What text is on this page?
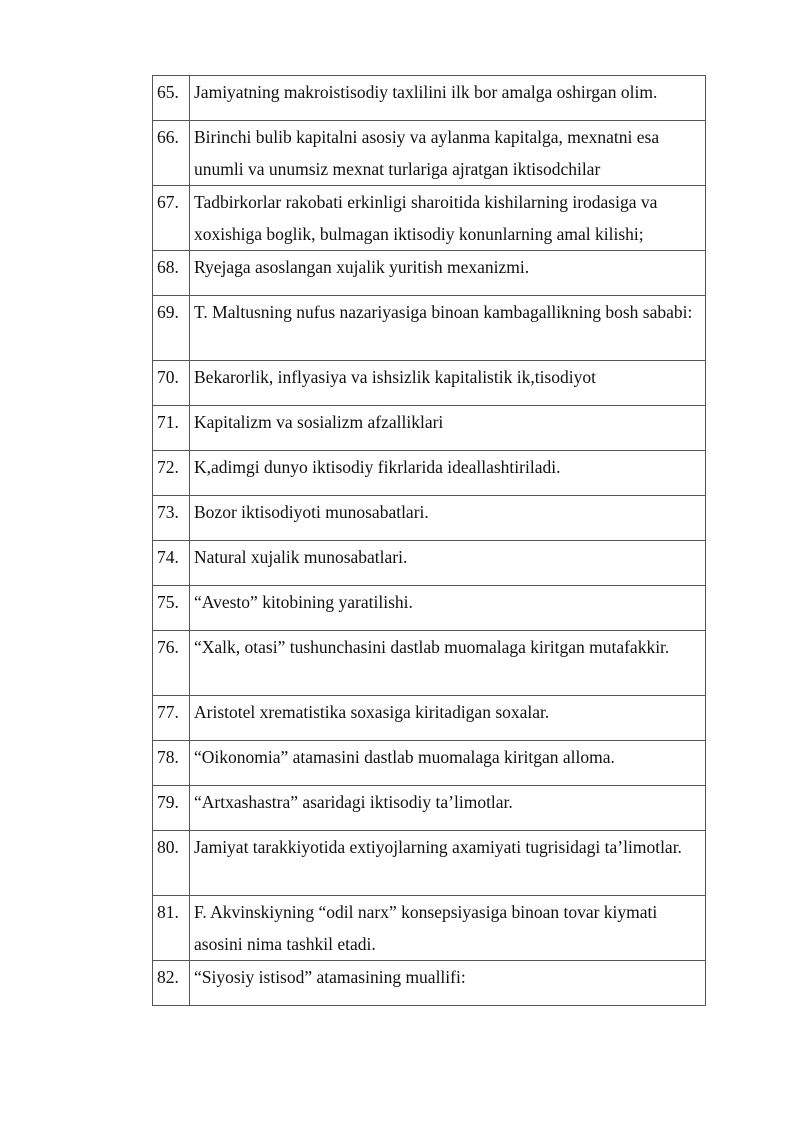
65.	Jamiyatning makroistisodiy taxlilini ilk bor amalga oshirgan olim.
66.	Birinchi bulib kapitalni asosiy va aylanma kapitalga, mexnatni esa unumli va unumsiz mexnat turlariga ajratgan iktisodchilar
67.	Tadbirkorlar rakobati erkinligi sharoitida kishilarning irodasiga va xoxishiga boglik, bulmagan iktisodiy konunlarning amal kilishi;
68.	Ryejaga asoslangan xujalik yuritish mexanizmi.
69.	T. Maltusning nufus nazariyasiga binoan kambagallikning bosh sababi:
70.	Bekarorlik, inflyasiya va ishsizlik kapitalistik ik,tisodiyot
71.	Kapitalizm va sosializm afzalliklari
72.	K,adimgi dunyo iktisodiy fikrlarida ideallashtiriladi.
73.	Bozor iktisodiyoti munosabatlari.
74.	Natural xujalik munosabatlari.
75.	“Avesto” kitobining yaratilishi.
76.	“Xalk, otasi” tushunchasini dastlab muomalaga kiritgan mutafakkir.
77.	Aristotel xrematistika soxasiga kiritadigan soxalar.
78.	“Oikonomia” atamasini dastlab muomalaga kiritgan alloma.
79.	“Artxashastra” asaridagi iktisodiy ta’limotlar.
80.	Jamiyat tarakkiyotida extiyojlarning axamiyati tugrisidagi ta’limotlar.
81.	F. Akvinskiyning “odil narx” konsepsiyasiga binoan tovar kiymati asosini nima tashkil etadi.
82.	“Siyosiy istisod” atamasining muallifi:
